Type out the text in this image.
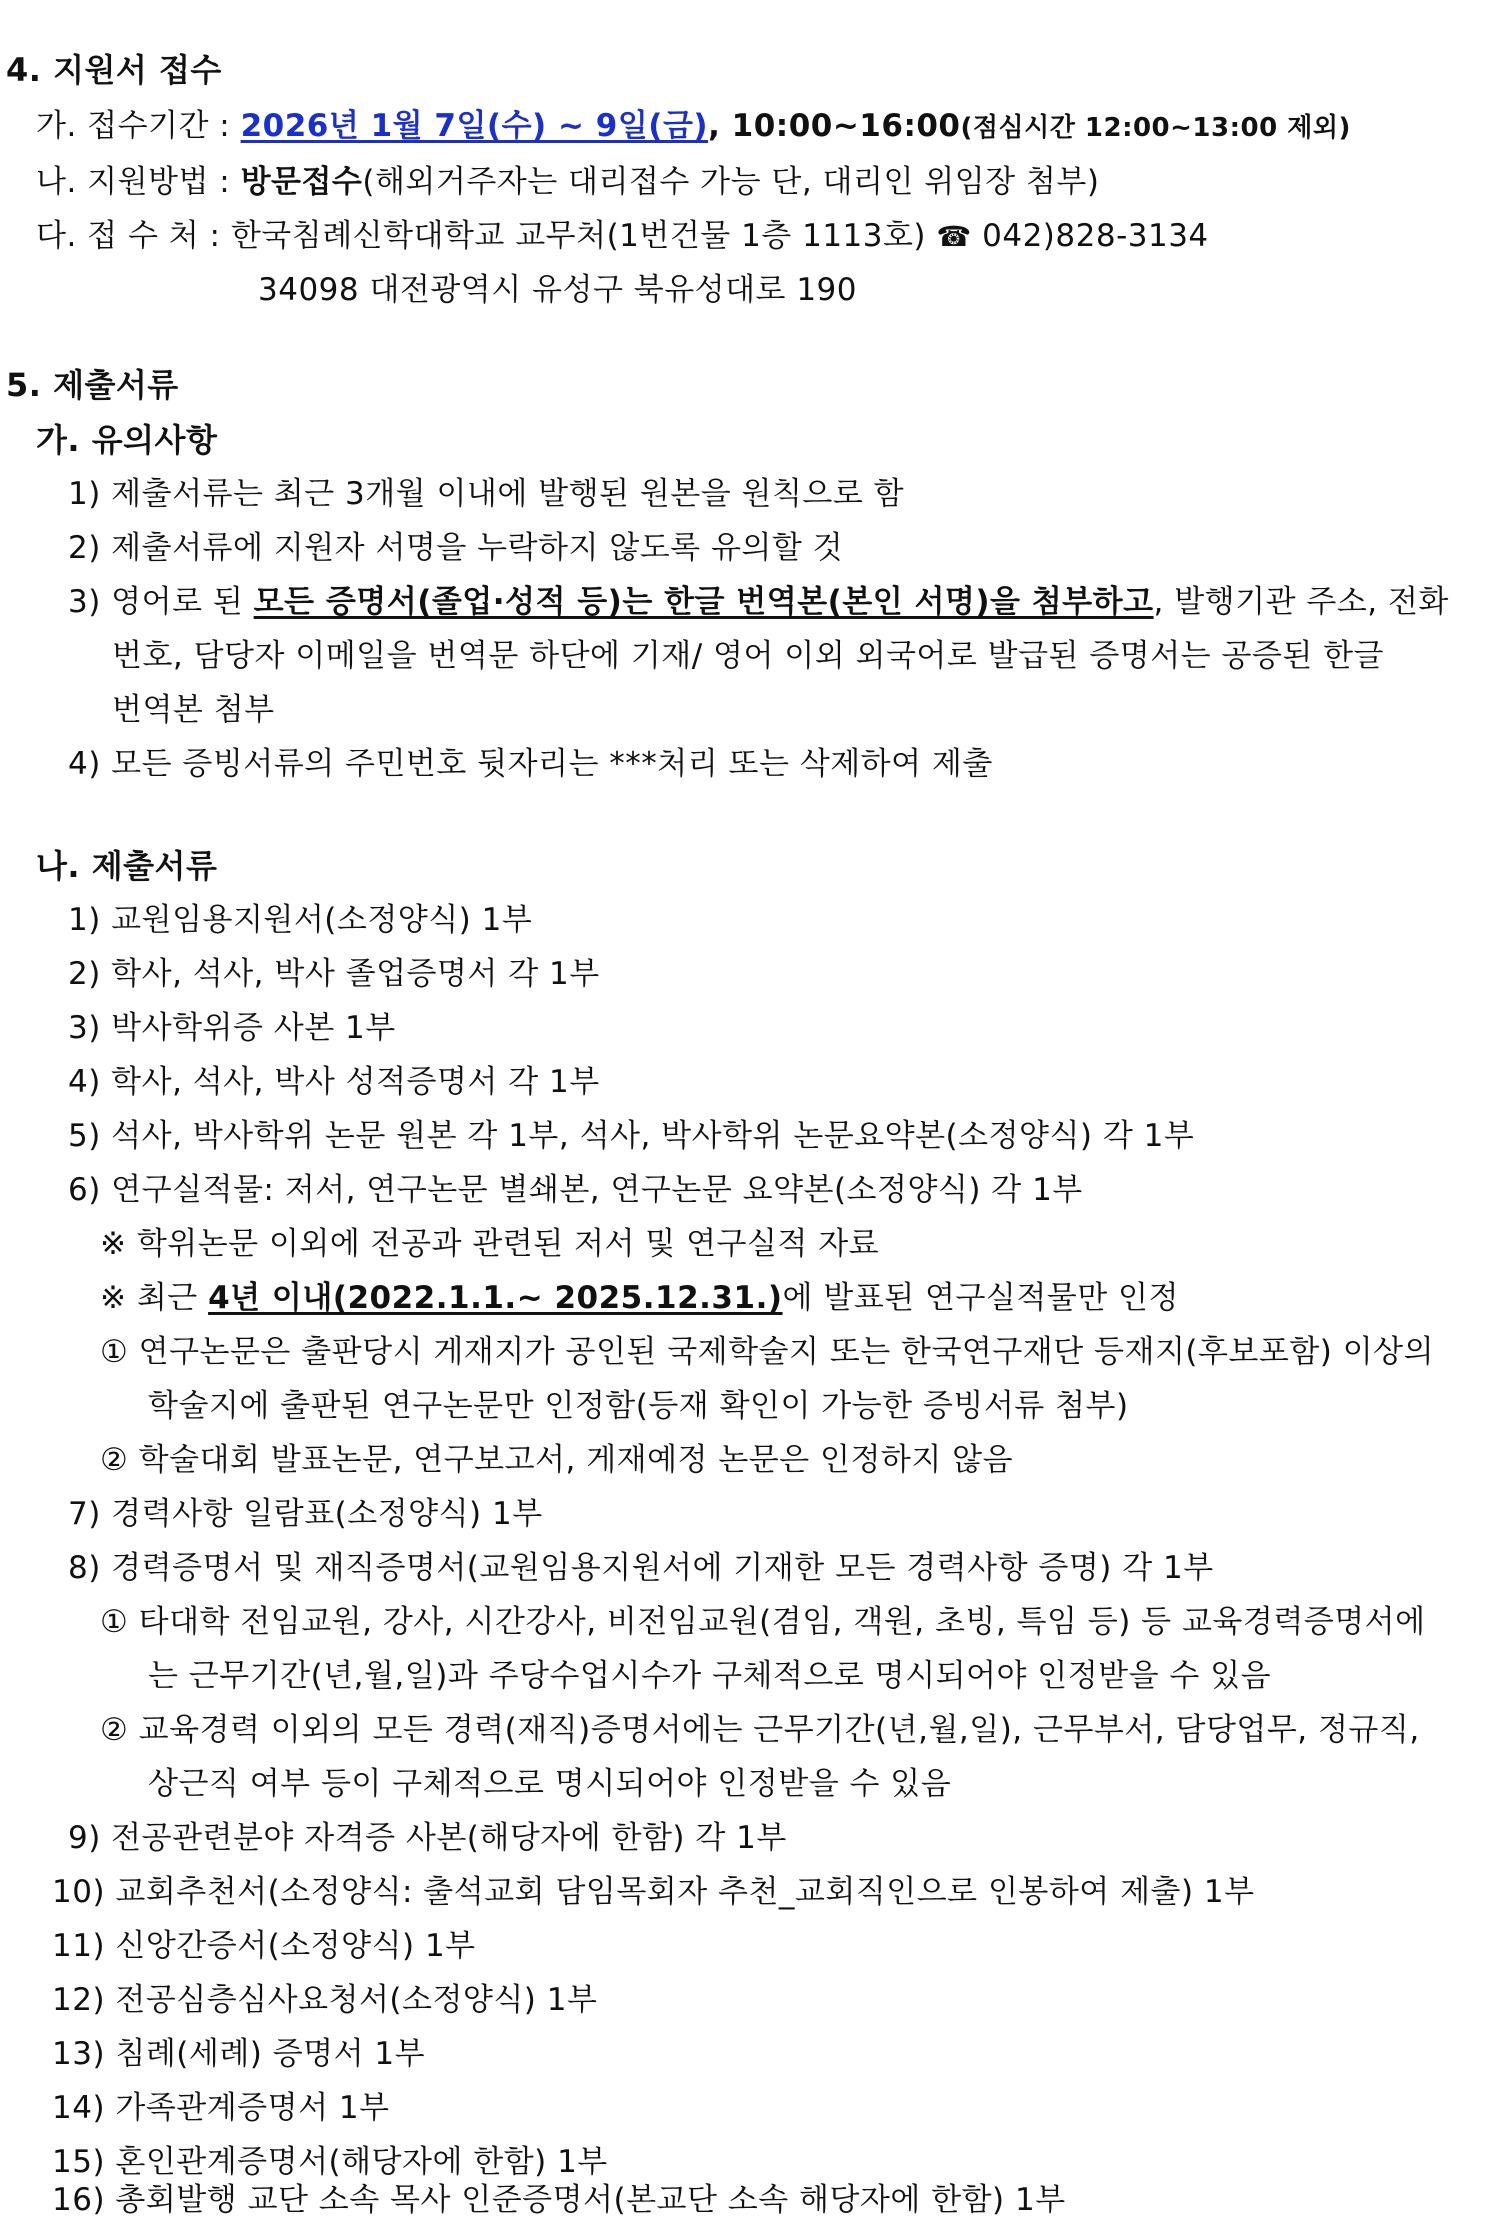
4. 지원서 접수
가. 접수기간 : 2026년 1월 7일(수) ~ 9일(금), 10:00~16:00(점심시간 12:00~13:00 제외)
나. 지원방법 : 방문접수(해외거주자는 대리접수 가능 단, 대리인 위임장 첨부)
다. 접 수 처 : 한국침례신학대학교 교무처(1번건물 1층 1113호) ☎ 042)828-3134
34098 대전광역시 유성구 북유성대로 190
5. 제출서류
가. 유의사항
1) 제출서류는 최근 3개월 이내에 발행된 원본을 원칙으로 함
2) 제출서류에 지원자 서명을 누락하지 않도록 유의할 것
3) 영어로 된 모든 증명서(졸업·성적 등)는 한글 번역본(본인 서명)을 첨부하고, 발행기관 주소, 전화
번호, 담당자 이메일을 번역문 하단에 기재/ 영어 이외 외국어로 발급된 증명서는 공증된 한글
번역본 첨부
4) 모든 증빙서류의 주민번호 뒷자리는 ***처리 또는 삭제하여 제출
나. 제출서류
1) 교원임용지원서(소정양식) 1부
2) 학사, 석사, 박사 졸업증명서 각 1부
3) 박사학위증 사본 1부
4) 학사, 석사, 박사 성적증명서 각 1부
5) 석사, 박사학위 논문 원본 각 1부, 석사, 박사학위 논문요약본(소정양식) 각 1부
6) 연구실적물: 저서, 연구논문 별쇄본, 연구논문 요약본(소정양식) 각 1부
※ 학위논문 이외에 전공과 관련된 저서 및 연구실적 자료
※ 최근 4년 이내(2022.1.1.~ 2025.12.31.)에 발표된 연구실적물만 인정
① 연구논문은 출판당시 게재지가 공인된 국제학술지 또는 한국연구재단 등재지(후보포함) 이상의
학술지에 출판된 연구논문만 인정함(등재 확인이 가능한 증빙서류 첨부)
② 학술대회 발표논문, 연구보고서, 게재예정 논문은 인정하지 않음
7) 경력사항 일람표(소정양식) 1부
8) 경력증명서 및 재직증명서(교원임용지원서에 기재한 모든 경력사항 증명) 각 1부
① 타대학 전임교원, 강사, 시간강사, 비전임교원(겸임, 객원, 초빙, 특임 등) 등 교육경력증명서에
는 근무기간(년,월,일)과 주당수업시수가 구체적으로 명시되어야 인정받을 수 있음
② 교육경력 이외의 모든 경력(재직)증명서에는 근무기간(년,월,일), 근무부서, 담당업무, 정규직,
상근직 여부 등이 구체적으로 명시되어야 인정받을 수 있음
9) 전공관련분야 자격증 사본(해당자에 한함) 각 1부
10) 교회추천서(소정양식: 출석교회 담임목회자 추천_교회직인으로 인봉하여 제출) 1부
11) 신앙간증서(소정양식) 1부
12) 전공심층심사요청서(소정양식) 1부
13) 침례(세례) 증명서 1부
14) 가족관계증명서 1부
15) 혼인관계증명서(해당자에 한함) 1부
16) 총회발행 교단 소속 목사 인준증명서(본교단 소속 해당자에 한함) 1부
